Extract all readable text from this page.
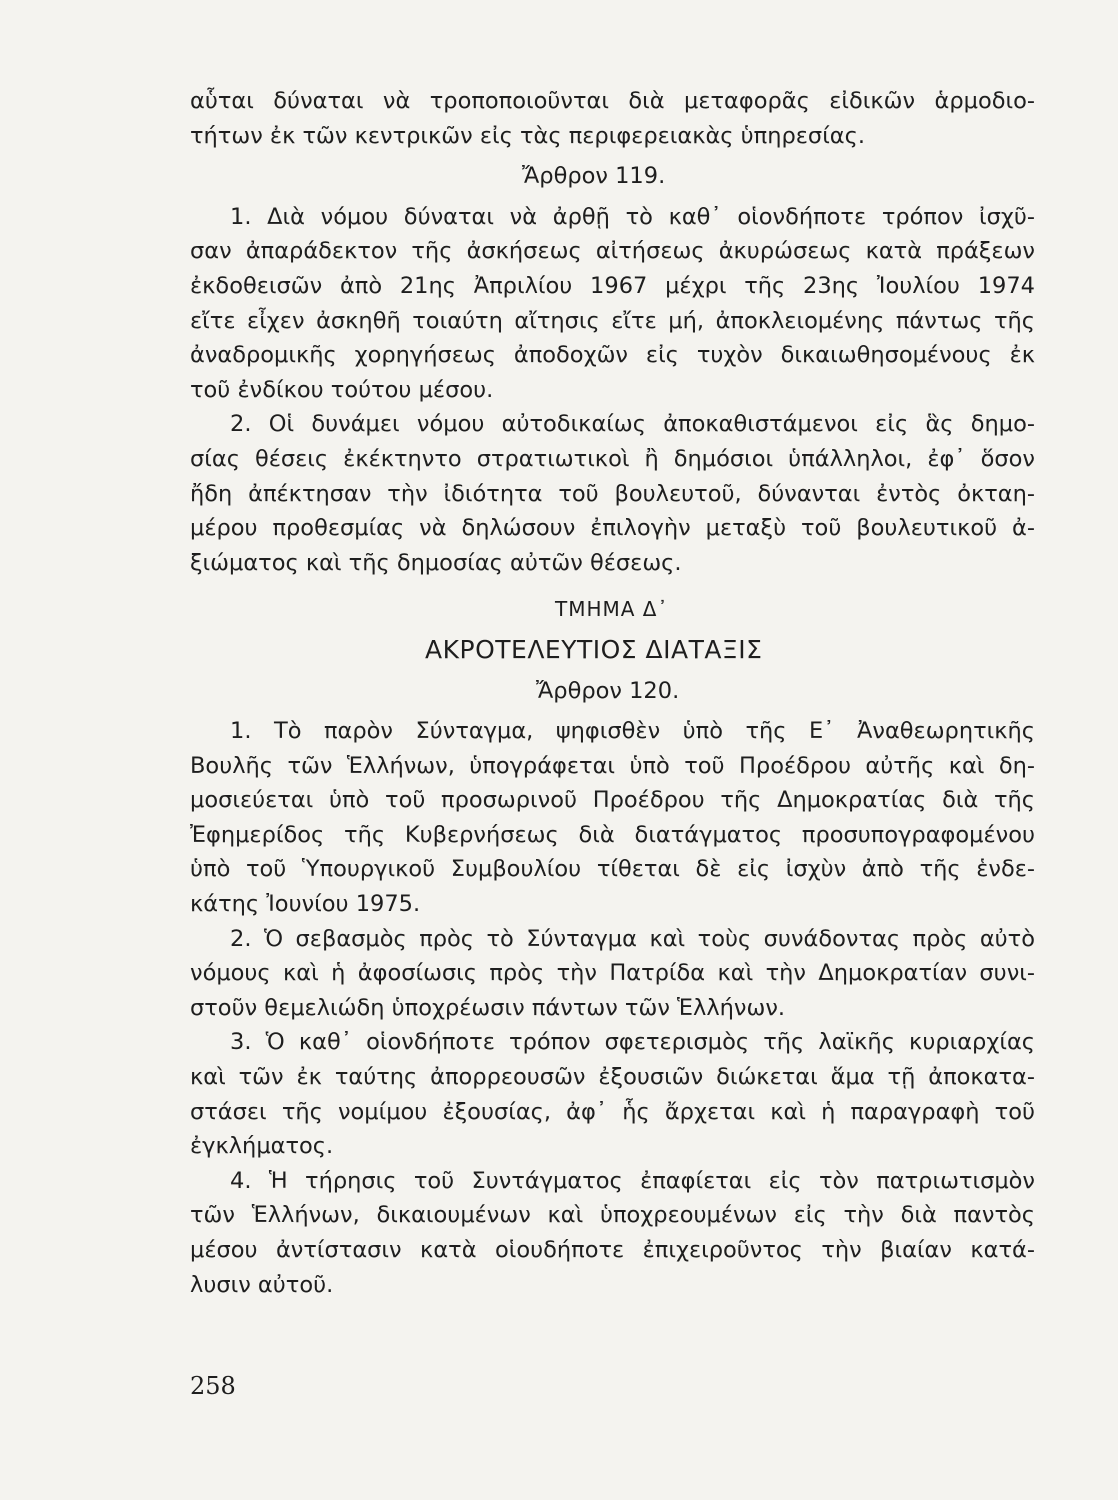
αὗται δύναται νὰ τροποποιοῦνται διὰ μεταφορᾶς εἰδικῶν ἁρμοδιο-
τήτων ἐκ τῶν κεντρικῶν εἰς τὰς περιφερειακὰς ὑπηρεσίας.
Ἄρθρον 119.
1. Διὰ νόμου δύναται νὰ ἀρθῇ τὸ καθ᾽ οἱονδήποτε τρόπον ἰσχῦ-
σαν ἀπαράδεκτον τῆς ἀσκήσεως αἰτήσεως ἀκυρώσεως κατὰ πράξεων
ἐκδοθεισῶν ἀπὸ 21ης Ἀπριλίου 1967 μέχρι τῆς 23ης Ἰουλίου 1974
εἴτε εἶχεν ἀσκηθῆ τοιαύτη αἴτησις εἴτε μή, ἀποκλειομένης πάντως τῆς
ἀναδρομικῆς χορηγήσεως ἀποδοχῶν εἰς τυχὸν δικαιωθησομένους ἐκ
τοῦ ἐνδίκου τούτου μέσου.
2. Οἱ δυνάμει νόμου αὐτοδικαίως ἀποκαθιστάμενοι εἰς ἃς δημο-
σίας θέσεις ἐκέκτηντο στρατιωτικοὶ ἢ δημόσιοι ὑπάλληλοι, ἐφ᾽ ὅσον
ἤδη ἀπέκτησαν τὴν ἰδιότητα τοῦ βουλευτοῦ, δύνανται ἐντὸς ὀκταη-
μέρου προθεσμίας νὰ δηλώσουν ἐπιλογὴν μεταξὺ τοῦ βουλευτικοῦ ἀ-
ξιώματος καὶ τῆς δημοσίας αὐτῶν θέσεως.
ΤΜΗΜΑ Δ᾽
ΑΚΡΟΤΕΛΕΥΤΙΟΣ ΔΙΑΤΑΞΙΣ
Ἄρθρον 120.
1. Τὸ παρὸν Σύνταγμα, ψηφισθὲν ὑπὸ τῆς Ε᾽ Ἀναθεωρητικῆς
Βουλῆς τῶν Ἑλλήνων, ὑπογράφεται ὑπὸ τοῦ Προέδρου αὐτῆς καὶ δη-
μοσιεύεται ὑπὸ τοῦ προσωρινοῦ Προέδρου τῆς Δημοκρατίας διὰ τῆς
Ἐφημερίδος τῆς Κυβερνήσεως διὰ διατάγματος προσυπογραφομένου
ὑπὸ τοῦ Ὑπουργικοῦ Συμβουλίου τίθεται δὲ εἰς ἰσχὺν ἀπὸ τῆς ἑνδε-
κάτης Ἰουνίου 1975.
2. Ὁ σεβασμὸς πρὸς τὸ Σύνταγμα καὶ τοὺς συνάδοντας πρὸς αὐτὸ
νόμους καὶ ἡ ἀφοσίωσις πρὸς τὴν Πατρίδα καὶ τὴν Δημοκρατίαν συνι-
στοῦν θεμελιώδη ὑποχρέωσιν πάντων τῶν Ἑλλήνων.
3. Ὁ καθ᾽ οἱονδήποτε τρόπον σφετερισμὸς τῆς λαϊκῆς κυριαρχίας
καὶ τῶν ἐκ ταύτης ἀπορρεουσῶν ἐξουσιῶν διώκεται ἅμα τῇ ἀποκατα-
στάσει τῆς νομίμου ἐξουσίας, ἀφ᾽ ἧς ἄρχεται καὶ ἡ παραγραφὴ τοῦ
ἐγκλήματος.
4. Ἡ τήρησις τοῦ Συντάγματος ἐπαφίεται εἰς τὸν πατριωτισμὸν
τῶν Ἑλλήνων, δικαιουμένων καὶ ὑποχρεουμένων εἰς τὴν διὰ παντὸς
μέσου ἀντίστασιν κατὰ οἱουδήποτε ἐπιχειροῦντος τὴν βιαίαν κατά-
λυσιν αὐτοῦ.
258
